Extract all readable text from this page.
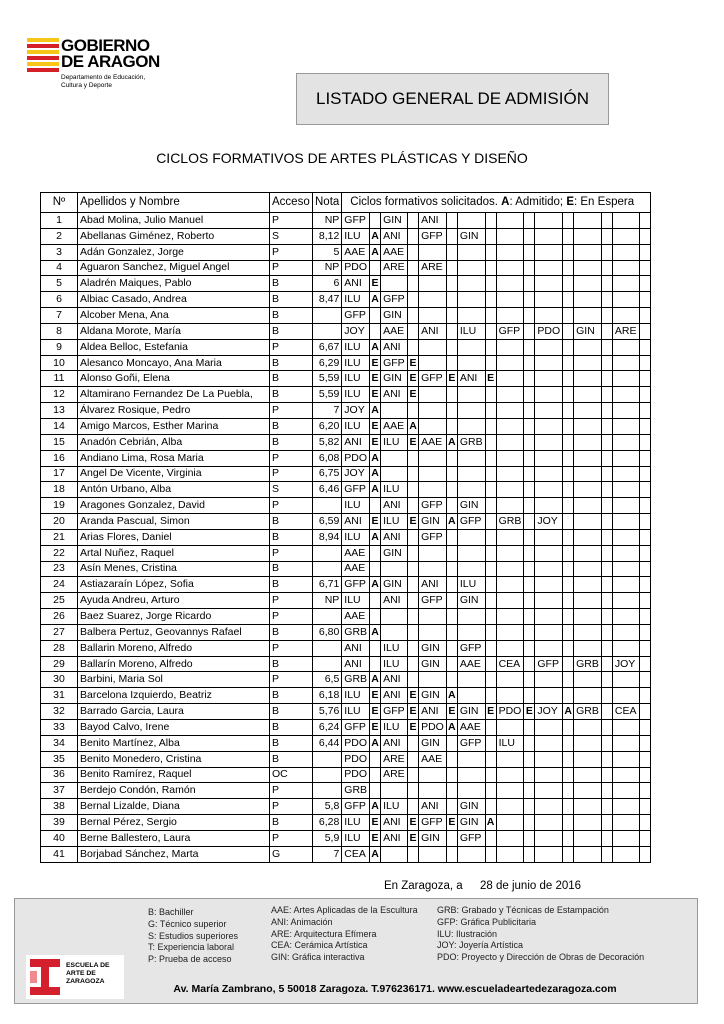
GOBIERNO
DE ARAGON
Departamento de Educación,
Cultura y Deporte
LISTADO GENERAL DE ADMISIÓN
CICLOS FORMATIVOS DE ARTES PLÁSTICAS Y DISEÑO
Nº	Apellidos y Nombre	Acceso	Nota	Ciclos formativos solicitados. A: Admitido; E: En Espera															
1	Abad Molina, Julio Manuel	P	NP	GFP		GIN		ANI											
2	Abellanas Giménez, Roberto	S	8,12	ILU	A	ANI		GFP		GIN									
3	Adán Gonzalez, Jorge	P	5	AAE	A	AAE													
4	Aguaron Sanchez, Miguel Angel	P	NP	PDO		ARE		ARE											
5	Aladrén Maiques, Pablo	B	6	ANI	E														
6	Albiac Casado, Andrea	B	8,47	ILU	A	GFP													
7	Alcober Mena, Ana	B		GFP		GIN													
8	Aldana Morote, María	B		JOY		AAE		ANI		ILU		GFP		PDO		GIN		ARE	
9	Aldea Belloc, Estefania	P	6,67	ILU	A	ANI													
10	Alesanco Moncayo, Ana Maria	B	6,29	ILU	E	GFP	E												
11	Alonso Goñi, Elena	B	5,59	ILU	E	GIN	E	GFP	E	ANI	E								
12	Altamirano Fernandez De La Puebla,	B	5,59	ILU	E	ANI	E												
13	Álvarez Rosique, Pedro	P	7	JOY	A														
14	Amigo Marcos, Esther Marina	B	6,20	ILU	E	AAE	A												
15	Anadón Cebrián, Alba	B	5,82	ANI	E	ILU	E	AAE	A	GRB									
16	Andiano Lima, Rosa Maria	P	6,08	PDO	A														
17	Angel De Vicente, Virginia	P	6,75	JOY	A														
18	Antón Urbano, Alba	S	6,46	GFP	A	ILU													
19	Aragones Gonzalez, David	P		ILU		ANI		GFP		GIN									
20	Aranda Pascual, Simon	B	6,59	ANI	E	ILU	E	GIN	A	GFP		GRB		JOY					
21	Arias Flores, Daniel	B	8,94	ILU	A	ANI		GFP											
22	Artal Nuñez, Raquel	P		AAE		GIN													
23	Asín Menes, Cristina	B		AAE															
24	Astiazaraín López, Sofia	B	6,71	GFP	A	GIN		ANI		ILU									
25	Ayuda Andreu, Arturo	P	NP	ILU		ANI		GFP		GIN									
26	Baez Suarez, Jorge Ricardo	P		AAE															
27	Balbera Pertuz, Geovannys Rafael	B	6,80	GRB	A														
28	Ballarin Moreno, Alfredo	P		ANI		ILU		GIN		GFP									
29	Ballarín Moreno, Alfredo	B		ANI		ILU		GIN		AAE		CEA		GFP		GRB		JOY	
30	Barbini, Maria Sol	P	6,5	GRB	A	ANI													
31	Barcelona Izquierdo, Beatriz	B	6,18	ILU	E	ANI	E	GIN	A										
32	Barrado Garcia, Laura	B	5,76	ILU	E	GFP	E	ANI	E	GIN	E	PDO	E	JOY	A	GRB		CEA	
33	Bayod Calvo, Irene	B	6,24	GFP	E	ILU	E	PDO	A	AAE									
34	Benito Martínez, Alba	B	6,44	PDO	A	ANI		GIN		GFP		ILU							
35	Benito Monedero, Cristina	B		PDO		ARE		AAE											
36	Benito Ramírez, Raquel	OC		PDO		ARE													
37	Berdejo Condón, Ramón	P		GRB															
38	Bernal Lizalde, Diana	P	5,8	GFP	A	ILU		ANI		GIN									
39	Bernal Pérez, Sergio	B	6,28	ILU	E	ANI	E	GFP	E	GIN	A								
40	Berne Ballestero, Laura	P	5,9	ILU	E	ANI	E	GIN		GFP									
41	Borjabad Sánchez, Marta	G	7	CEA	A														
En Zaragoza, a 28 de junio de 2016
ESCUELA DE
ARTE DE
ZARAGOZA
B: Bachiller
G: Técnico superior
S: Estudios superiores
T: Experiencia laboral
P: Prueba de acceso
AAE: Artes Aplicadas de la Escultura
ANI: Animación
ARE: Arquitectura Efímera
CEA: Cerámica Artística
GIN: Gráfica interactiva
GRB: Grabado y Técnicas de Estampación
GFP: Gráfica Publicitaria
ILU: Ilustración
JOY: Joyería Artística
PDO: Proyecto y Dirección de Obras de Decoración
Av. María Zambrano, 5 50018 Zaragoza. T.976236171. www.escueladeartedezaragoza.com
